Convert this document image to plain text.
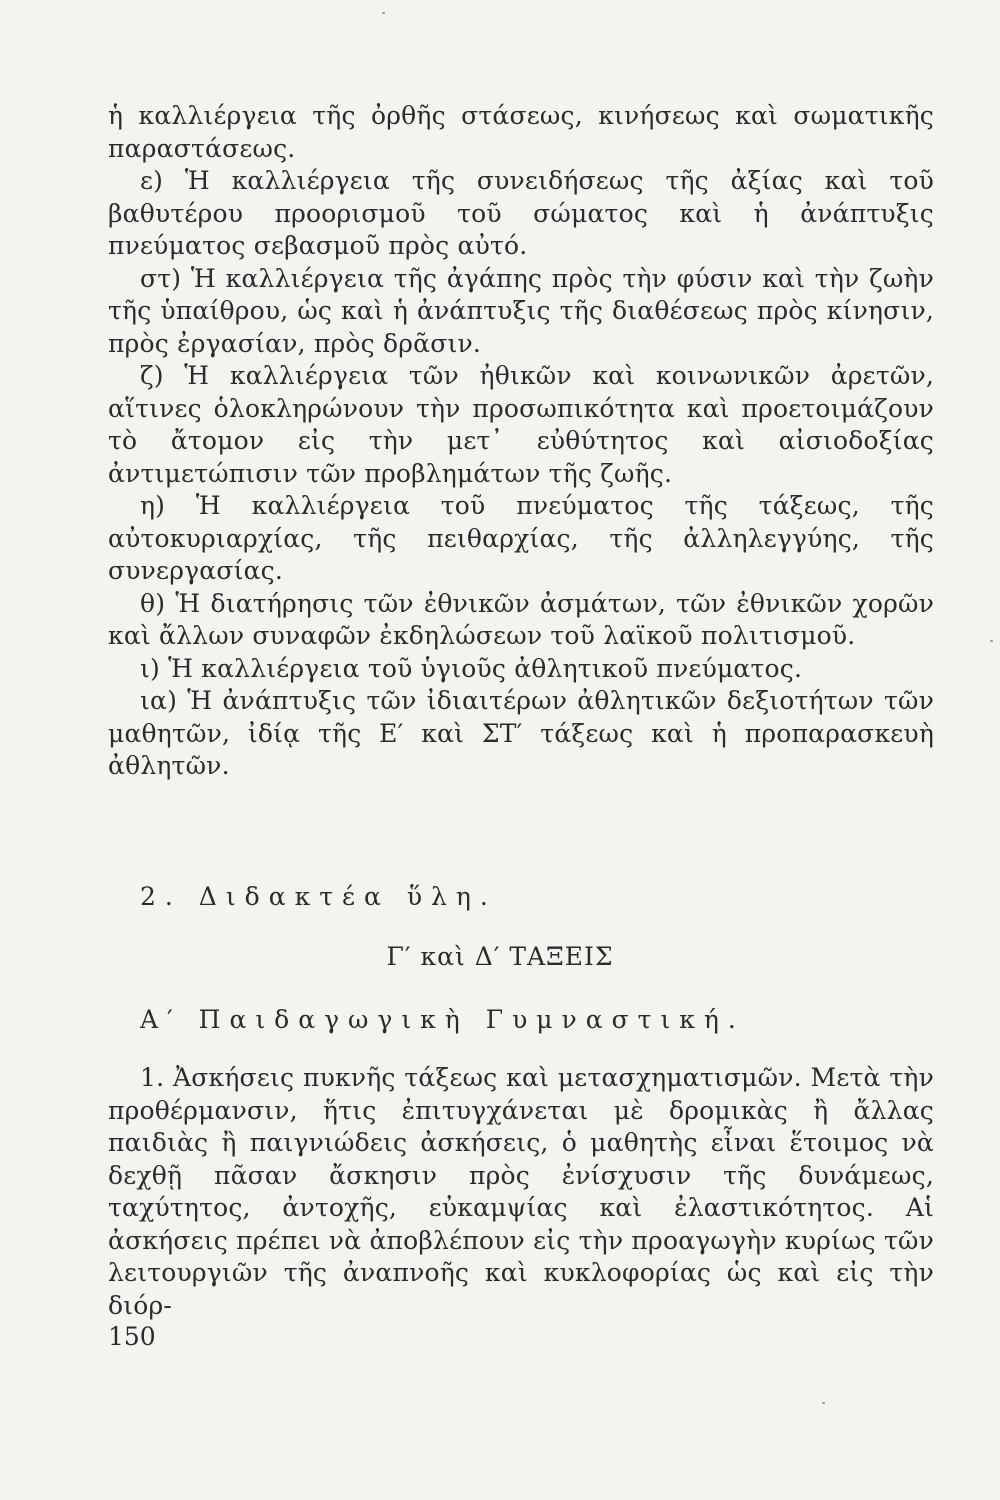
ἡ καλλιέργεια τῆς ὀρθῆς στάσεως, κινήσεως καὶ σωματικῆς παραστάσεως.

ε) Ἡ καλλιέργεια τῆς συνειδήσεως τῆς ἀξίας καὶ τοῦ βαθυτέρου προορισμοῦ τοῦ σώματος καὶ ἡ ἀνάπτυξις πνεύματος σεβασμοῦ πρὸς αὐτό.

στ) Ἡ καλλιέργεια τῆς ἀγάπης πρὸς τὴν φύσιν καὶ τὴν ζωὴν τῆς ὑπαίθρου, ὡς καὶ ἡ ἀνάπτυξις τῆς διαθέσεως πρὸς κίνησιν, πρὸς ἐργασίαν, πρὸς δρᾶσιν.

ζ) Ἡ καλλιέργεια τῶν ἠθικῶν καὶ κοινωνικῶν ἀρετῶν, αἵτινες ὁλοκληρώνουν τὴν προσωπικότητα καὶ προετοιμάζουν τὸ ἄτομον εἰς τὴν μετ᾽ εὐθύτητος καὶ αἰσιοδοξίας ἀντιμετώπισιν τῶν προβλημάτων τῆς ζωῆς.

η) Ἡ καλλιέργεια τοῦ πνεύματος τῆς τάξεως, τῆς αὐτοκυριαρχίας, τῆς πειθαρχίας, τῆς ἀλληλεγγύης, τῆς συνεργασίας.

θ) Ἡ διατήρησις τῶν ἐθνικῶν ἀσμάτων, τῶν ἐθνικῶν χορῶν καὶ ἄλλων συναφῶν ἐκδηλώσεων τοῦ λαϊκοῦ πολιτισμοῦ.

ι) Ἡ καλλιέργεια τοῦ ὑγιοῦς ἀθλητικοῦ πνεύματος.

ια) Ἡ ἀνάπτυξις τῶν ἰδιαιτέρων ἀθλητικῶν δεξιοτήτων τῶν μαθητῶν, ἰδίᾳ τῆς Ε′ καὶ ΣΤ′ τάξεως καὶ ἡ προπαρασκευὴ ἀθλητῶν.

2. Διδακτέα ὕλη.
Γ′ καὶ Δ′ ΤΑΞΕΙΣ
Α′ Παιδαγωγικὴ Γυμναστική.

1. Ἀσκήσεις πυκνῆς τάξεως καὶ μετασχηματισμῶν. Μετὰ τὴν προθέρμανσιν, ἥτις ἐπιτυγχάνεται μὲ δρομικὰς ἢ ἄλλας παιδιὰς ἢ παιγνιώδεις ἀσκήσεις, ὁ μαθητὴς εἶναι ἕτοιμος νὰ δεχθῇ πᾶσαν ἄσκησιν πρὸς ἐνίσχυσιν τῆς δυνάμεως, ταχύτητος, ἀντοχῆς, εὐκαμψίας καὶ ἐλαστικότητος. Αἱ ἀσκήσεις πρέπει νὰ ἀποβλέπουν εἰς τὴν προαγωγὴν κυρίως τῶν λειτουργιῶν τῆς ἀναπνοῆς καὶ κυκλοφορίας ὡς καὶ εἰς τὴν διόρ-

150
